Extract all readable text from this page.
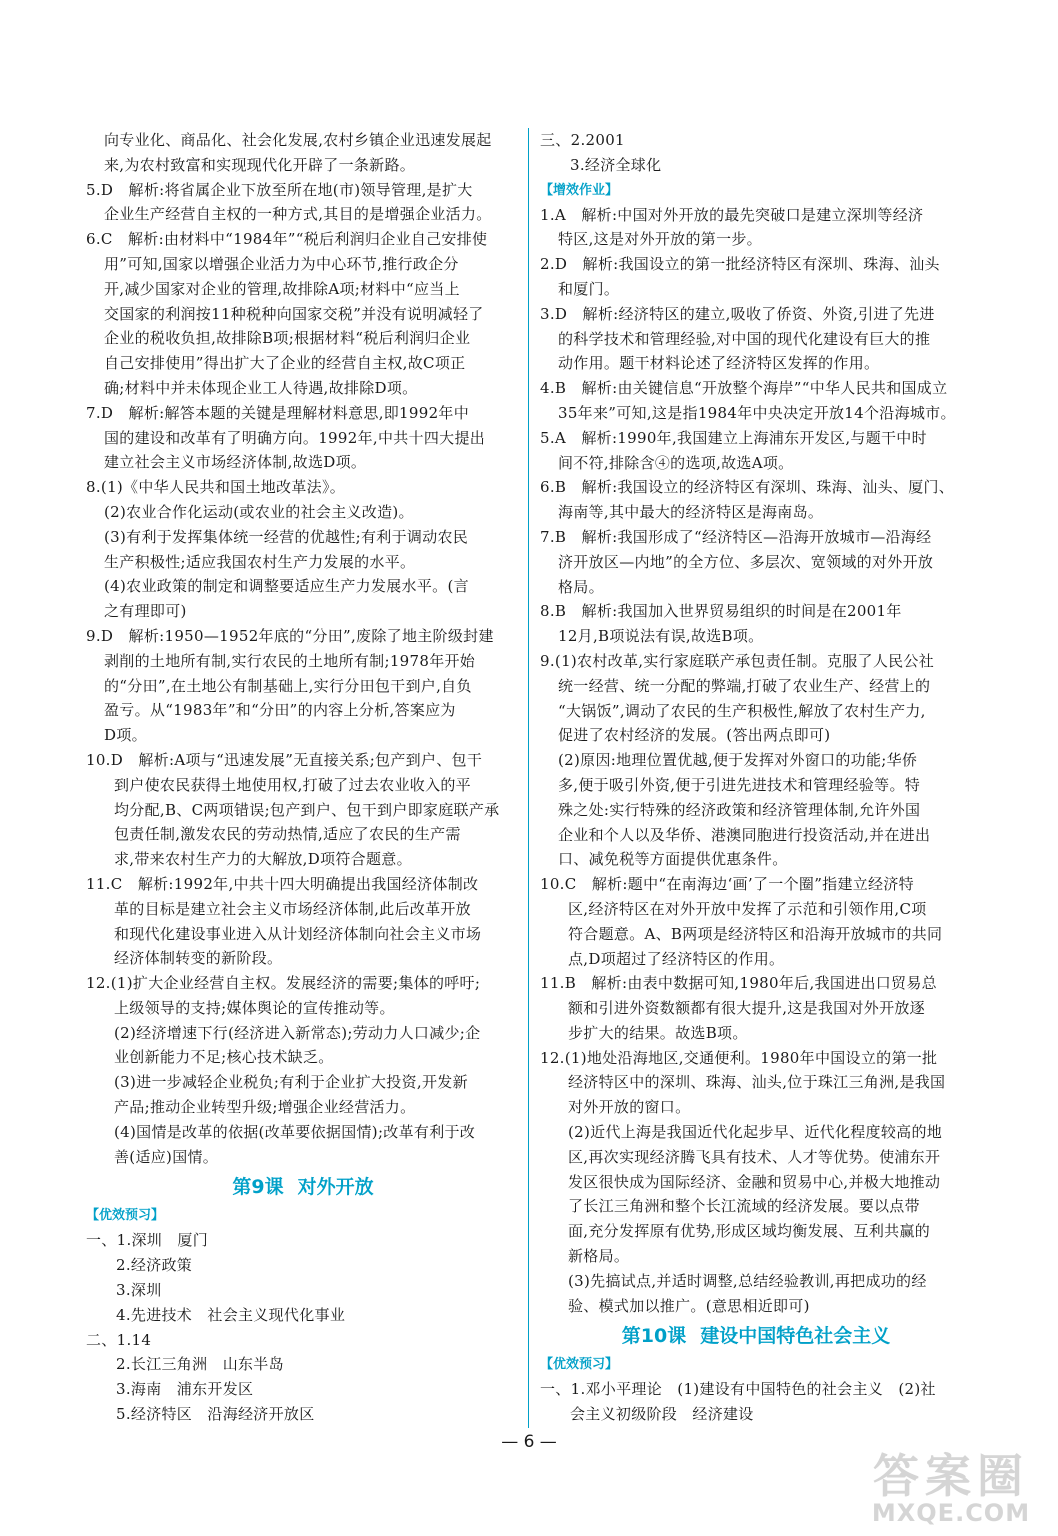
向专业化、商品化、社会化发展,农村乡镇企业迅速发展起
来,为农村致富和实现现代化开辟了一条新路。
5.D　解析:将省属企业下放至所在地(市)领导管理,是扩大
企业生产经营自主权的一种方式,其目的是增强企业活力。
6.C　解析:由材料中“1984年”“税后利润归企业自己安排使
用”可知,国家以增强企业活力为中心环节,推行政企分
开,减少国家对企业的管理,故排除A项;材料中“应当上
交国家的利润按11种税种向国家交税”并没有说明减轻了
企业的税收负担,故排除B项;根据材料“税后利润归企业
自己安排使用”得出扩大了企业的经营自主权,故C项正
确;材料中并未体现企业工人待遇,故排除D项。
7.D　解析:解答本题的关键是理解材料意思,即1992年中
国的建设和改革有了明确方向。1992年,中共十四大提出
建立社会主义市场经济体制,故选D项。
8.(1)《中华人民共和国土地改革法》。
(2)农业合作化运动(或农业的社会主义改造)。
(3)有利于发挥集体统一经营的优越性;有利于调动农民
生产积极性;适应我国农村生产力发展的水平。
(4)农业政策的制定和调整要适应生产力发展水平。(言
之有理即可)
9.D　解析:1950—1952年底的“分田”,废除了地主阶级封建
剥削的土地所有制,实行农民的土地所有制;1978年开始
的“分田”,在土地公有制基础上,实行分田包干到户,自负
盈亏。从“1983年”和“分田”的内容上分析,答案应为
D项。
10.D　解析:A项与“迅速发展”无直接关系;包产到户、包干
到户使农民获得土地使用权,打破了过去农业收入的平
均分配,B、C两项错误;包产到户、包干到户即家庭联产承
包责任制,激发农民的劳动热情,适应了农民的生产需
求,带来农村生产力的大解放,D项符合题意。
11.C　解析:1992年,中共十四大明确提出我国经济体制改
革的目标是建立社会主义市场经济体制,此后改革开放
和现代化建设事业进入从计划经济体制向社会主义市场
经济体制转变的新阶段。
12.(1)扩大企业经营自主权。发展经济的需要;集体的呼吁;
上级领导的支持;媒体舆论的宣传推动等。
(2)经济增速下行(经济进入新常态);劳动力人口减少;企
业创新能力不足;核心技术缺乏。
(3)进一步减轻企业税负;有利于企业扩大投资,开发新
产品;推动企业转型升级;增强企业经营活力。
(4)国情是改革的依据(改革要依据国情);改革有利于改
善(适应)国情。
第9课 对外开放
【优效预习】
一、1.深圳　厦门
2.经济政策
3.深圳
4.先进技术　社会主义现代化事业
二、1.14
2.长江三角洲　山东半岛
3.海南　浦东开发区
5.经济特区　沿海经济开放区
三、2.2001
3.经济全球化
【增效作业】
1.A　解析:中国对外开放的最先突破口是建立深圳等经济
特区,这是对外开放的第一步。
2.D　解析:我国设立的第一批经济特区有深圳、珠海、汕头
和厦门。
3.D　解析:经济特区的建立,吸收了侨资、外资,引进了先进
的科学技术和管理经验,对中国的现代化建设有巨大的推
动作用。题干材料论述了经济特区发挥的作用。
4.B　解析:由关键信息“开放整个海岸”“中华人民共和国成立
35年来”可知,这是指1984年中央决定开放14个沿海城市。
5.A　解析:1990年,我国建立上海浦东开发区,与题干中时
间不符,排除含④的选项,故选A项。
6.B　解析:我国设立的经济特区有深圳、珠海、汕头、厦门、
海南等,其中最大的经济特区是海南岛。
7.B　解析:我国形成了“经济特区—沿海开放城市—沿海经
济开放区—内地”的全方位、多层次、宽领域的对外开放
格局。
8.B　解析:我国加入世界贸易组织的时间是在2001年
12月,B项说法有误,故选B项。
9.(1)农村改革,实行家庭联产承包责任制。克服了人民公社
统一经营、统一分配的弊端,打破了农业生产、经营上的
“大锅饭”,调动了农民的生产积极性,解放了农村生产力,
促进了农村经济的发展。(答出两点即可)
(2)原因:地理位置优越,便于发挥对外窗口的功能;华侨
多,便于吸引外资,便于引进先进技术和管理经验等。特
殊之处:实行特殊的经济政策和经济管理体制,允许外国
企业和个人以及华侨、港澳同胞进行投资活动,并在进出
口、减免税等方面提供优惠条件。
10.C　解析:题中“在南海边‘画’了一个圈”指建立经济特
区,经济特区在对外开放中发挥了示范和引领作用,C项
符合题意。A、B两项是经济特区和沿海开放城市的共同
点,D项超过了经济特区的作用。
11.B　解析:由表中数据可知,1980年后,我国进出口贸易总
额和引进外资数额都有很大提升,这是我国对外开放逐
步扩大的结果。故选B项。
12.(1)地处沿海地区,交通便利。1980年中国设立的第一批
经济特区中的深圳、珠海、汕头,位于珠江三角洲,是我国
对外开放的窗口。
(2)近代上海是我国近代化起步早、近代化程度较高的地
区,再次实现经济腾飞具有技术、人才等优势。使浦东开
发区很快成为国际经济、金融和贸易中心,并极大地推动
了长江三角洲和整个长江流域的经济发展。要以点带
面,充分发挥原有优势,形成区域均衡发展、互利共赢的
新格局。
(3)先搞试点,并适时调整,总结经验教训,再把成功的经
验、模式加以推广。(意思相近即可)
第10课 建设中国特色社会主义
【优效预习】
一、1.邓小平理论　(1)建设有中国特色的社会主义　(2)社
会主义初级阶段　经济建设
— 6 —
答案圈
MXQE.COM
